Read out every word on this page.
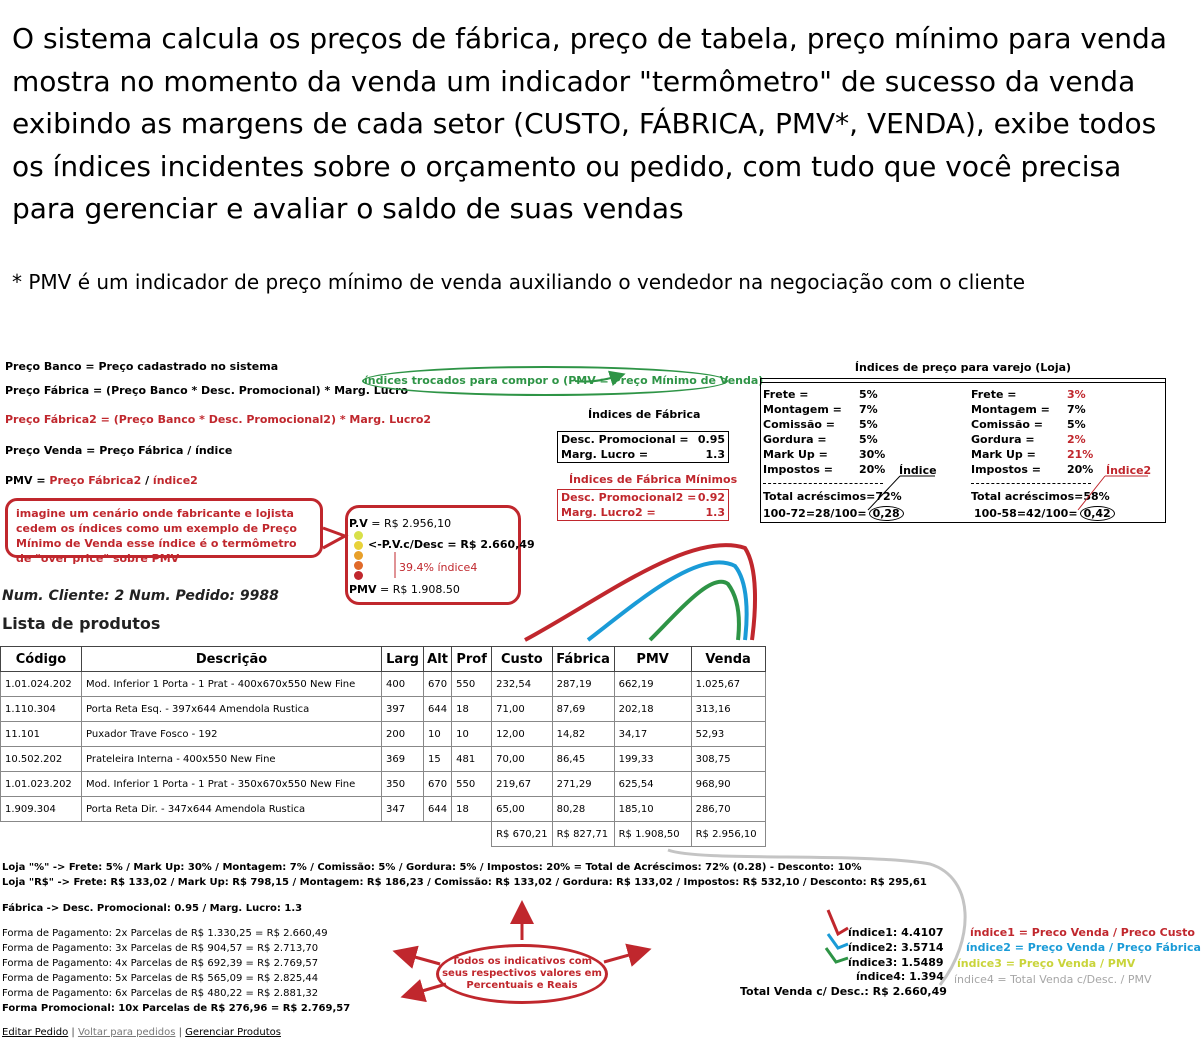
O sistema calcula os preços de fábrica, preço de tabela, preço mínimo para venda mostra no momento da venda um indicador "termômetro" de sucesso da venda exibindo as margens de cada setor (CUSTO, FÁBRICA, PMV*, VENDA), exibe todos os índices incidentes sobre o orçamento ou pedido, com tudo que você precisa para gerenciar e avaliar o saldo de suas vendas
* PMV é um indicador de preço mínimo de venda auxiliando o vendedor na negociação com o cliente
Preço Banco = Preço cadastrado no sistema
Preço Fábrica = (Preço Banco * Desc. Promocional) * Marg. Lucro
Preço Fábrica2 = (Preço Banco * Desc. Promocional2) * Marg. Lucro2
Preço Venda = Preço Fábrica / índice
PMV = Preço Fábrica2 / índice2
índices trocados para compor o (PMV = Preço Mínimo de Venda)
Índices de Fábrica
Desc. Promocional = 0.95
Marg. Lucro =	1.3
Índices de Fábrica Mínimos
Desc. Promocional2 = 0.92
Marg. Lucro2 =	1.3
Índices de preço para varejo (Loja)
Frete =	5%
Montagem =	7%
Comissão =	5%
Gordura =	5%
Mark Up =	30%
Impostos =	20%
Frete =	3%
Montagem =	7%
Comissão =	5%
Gordura =	2%
Mark Up =	21%
Impostos =	20%
Total acréscimos=72%
100-72=28/100= 0,28
Total acréscimos=58%
100-58=42/100= 0,42
Índice	Índice2
imagine um cenário onde fabricante e lojista cedem os índices como um exemplo de Preço Mínimo de Venda esse índice é o termômetro de "over price" sobre PMV
P.V = R$ 2.956,10
<-P.V.c/Desc = R$ 2.660,49
39.4% índice4
PMV = R$ 1.908.50
Num. Cliente: 2 Num. Pedido: 9988
Lista de produtos
Código	Descrição	Larg	Alt	Prof	Custo	Fábrica	PMV	Venda
1.01.024.202	Mod. Inferior 1 Porta - 1 Prat - 400x670x550 New Fine	400	670	550	232,54	287,19	662,19	1.025,67
1.110.304	Porta Reta Esq. - 397x644 Amendola Rustica	397	644	18	71,00	87,69	202,18	313,16
11.101	Puxador Trave Fosco - 192	200	10	10	12,00	14,82	34,17	52,93
10.502.202	Prateleira Interna - 400x550 New Fine	369	15	481	70,00	86,45	199,33	308,75
1.01.023.202	Mod. Inferior 1 Porta - 1 Prat - 350x670x550 New Fine	350	670	550	219,67	271,29	625,54	968,90
1.909.304	Porta Reta Dir. - 347x644 Amendola Rustica	347	644	18	65,00	80,28	185,10	286,70
					R$ 670,21	R$ 827,71	R$ 1.908,50	R$ 2.956,10
Loja "%" -> Frete: 5% / Mark Up: 30% / Montagem: 7% / Comissão: 5% / Gordura: 5% / Impostos: 20% = Total de Acréscimos: 72% (0.28) - Desconto: 10%
Loja "R$" -> Frete: R$ 133,02 / Mark Up: R$ 798,15 / Montagem: R$ 186,23 / Comissão: R$ 133,02 / Gordura: R$ 133,02 / Impostos: R$ 532,10 / Desconto: R$ 295,61
Fábrica -> Desc. Promocional: 0.95 / Marg. Lucro: 1.3
Forma de Pagamento: 2x Parcelas de R$ 1.330,25 = R$ 2.660,49
Forma de Pagamento: 3x Parcelas de R$ 904,57 = R$ 2.713,70
Forma de Pagamento: 4x Parcelas de R$ 692,39 = R$ 2.769,57
Forma de Pagamento: 5x Parcelas de R$ 565,09 = R$ 2.825,44
Forma de Pagamento: 6x Parcelas de R$ 480,22 = R$ 2.881,32
Forma Promocional: 10x Parcelas de R$ 276,96 = R$ 2.769,57
Todos os indicativos com seus respectivos valores em Percentuais e Reais
índice1: 4.4107
índice2: 3.5714
índice3: 1.5489
índice4: 1.394
Total Venda c/ Desc.: R$ 2.660,49
índice1 = Preco Venda / Preco Custo
índice2 = Preço Venda / Preço Fábrica
índice3 = Preço Venda / PMV
índice4 = Total Venda c/Desc. / PMV
Editar Pedido | Voltar para pedidos | Gerenciar Produtos
